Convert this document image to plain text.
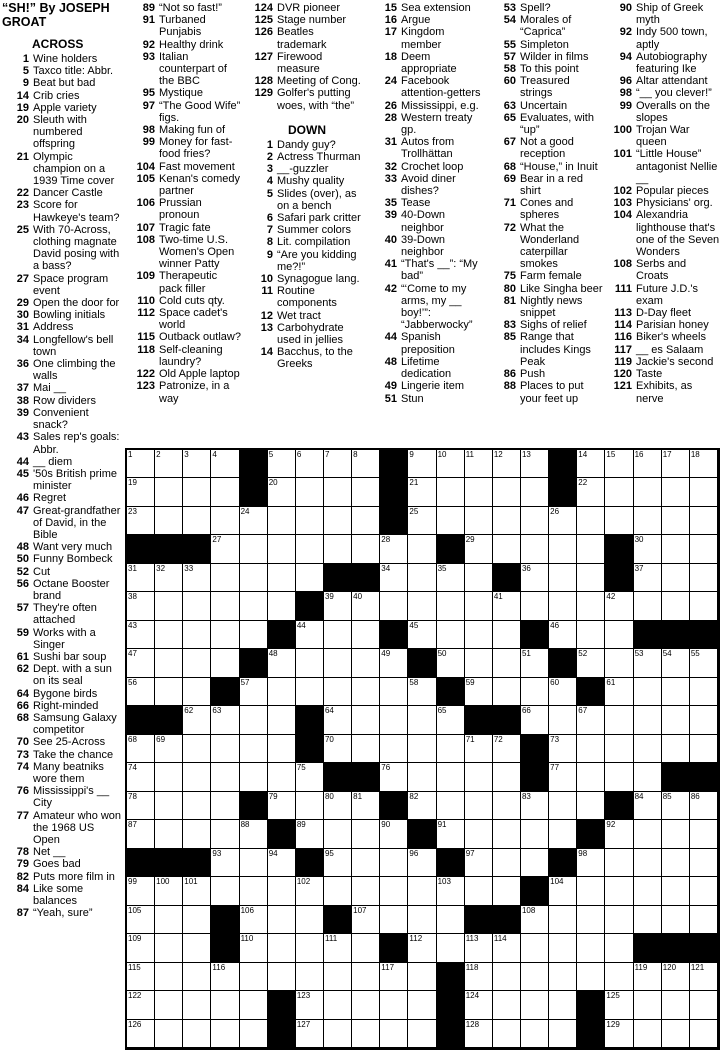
“SH!” By JOSEPH GROAT
ACROSS
1 Wine holders
5 Taxco title: Abbr.
9 Beat but bad
14 Crib cries
19 Apple variety
20 Sleuth with numbered offspring
21 Olympic champion on a 1939 Time cover
22 Dancer Castle
23 Score for Hawkeye's team?
25 With 70-Across, clothing magnate David posing with a bass?
27 Space program event
29 Open the door for
30 Bowling initials
31 Address
34 Longfellow's bell town
36 One climbing the walls
37 Mai __
38 Row dividers
39 Convenient snack?
43 Sales rep's goals: Abbr.
44 __ diem
45 '50s British prime minister
46 Regret
47 Great-grandfather of David, in the Bible
48 Want very much
50 Funny Bombeck
52 Cut
56 Octane Booster brand
57 They're often attached
59 Works with a Singer
61 Sushi bar soup
62 Dept. with a sun on its seal
64 Bygone birds
66 Right-minded
68 Samsung Galaxy competitor
70 See 25-Across
73 Take the chance
74 Many beatniks wore them
76 Mississippi's __ City
77 Amateur who won the 1968 US Open
78 Net __
79 Goes bad
82 Puts more film in
84 Like some balances
87 “Yeah, sure”
89 “Not so fast!”
91 Turbaned Punjabis
92 Healthy drink
93 Italian counterpart of the BBC
95 Mystique
97 “The Good Wife” figs.
98 Making fun of
99 Money for fast-food fries?
104 Fast movement
105 Kenan's comedy partner
106 Prussian pronoun
107 Tragic fate
108 Two-time U.S. Women's Open winner Patty
109 Therapeutic pack filler
110 Cold cuts qty.
112 Space cadet's world
115 Outback outlaw?
118 Self-cleaning laundry?
122 Old Apple laptop
123 Patronize, in a way
124 DVR pioneer
125 Stage number
126 Beatles trademark
127 Firewood measure
128 Meeting of Cong.
129 Golfer's putting woes, with “the”
DOWN
1 Dandy guy?
2 Actress Thurman
3 __-guzzler
4 Mushy quality
5 Slides (over), as on a bench
6 Safari park critter
7 Summer colors
8 Lit. compilation
9 “Are you kidding me?!”
10 Synagogue lang.
11 Routine components
12 Wet tract
13 Carbohydrate used in jellies
14 Bacchus, to the Greeks
15 Sea extension
16 Argue
17 Kingdom member
18 Deem appropriate
24 Facebook attention-getters
26 Mississippi, e.g.
28 Western treaty gp.
31 Autos from Trollhättan
32 Crochet loop
33 Avoid diner dishes?
35 Tease
39 40-Down neighbor
40 39-Down neighbor
41 “That's __”: “My bad”
42 “‘Come to my arms, my __ boy!’”: “Jabberwocky”
44 Spanish preposition
48 Lifetime dedication
49 Lingerie item
51 Stun
53 Spell?
54 Morales of “Caprica”
55 Simpleton
57 Wilder in films
58 To this point
60 Treasured strings
63 Uncertain
65 Evaluates, with “up”
67 Not a good reception
68 “House,” in Inuit
69 Bear in a red shirt
71 Cones and spheres
72 What the Wonderland caterpillar smokes
75 Farm female
80 Like Singha beer
81 Nightly news snippet
83 Sighs of relief
85 Range that includes Kings Peak
86 Push
88 Places to put your feet up
90 Ship of Greek myth
92 Indy 500 town, aptly
94 Autobiography featuring Ike
96 Altar attendant
98 “__ you clever!”
99 Overalls on the slopes
100 Trojan War queen
101 “Little House” antagonist Nellie __
102 Popular pieces
103 Physicians' org.
104 Alexandria lighthouse that's one of the Seven Wonders
108 Serbs and Croats
111 Future J.D.'s exam
113 D-Day fleet
114 Parisian honey
116 Biker's wheels
117 __ es Salaam
119 Jackie's second
120 Taste
121 Exhibits, as nerve
1	2	3	4	5	6	7	8	9	10 11 12 13	14 15 16 17 18
19	20	21	22
23	24	25	26
27	28	29	30
31 32 33	34	35	36	37
38	39 40	41	42
43	44	45	46
47	48	49	50	51	52	53 54 55
56	57	58	59	60	61
62 63	64	65	66	67
68 69	70	71 72	73
74	75	76	77
78	79	80 81	82	83	84 85 86
87	88	89	90	91	92
93	94	95	96	97	98
99 100 101	102	103	104
105	106	107	108
109	110	111	112	113 114
115	116	117	118	119 120 121
122	123	124	125
126	127	128	129
